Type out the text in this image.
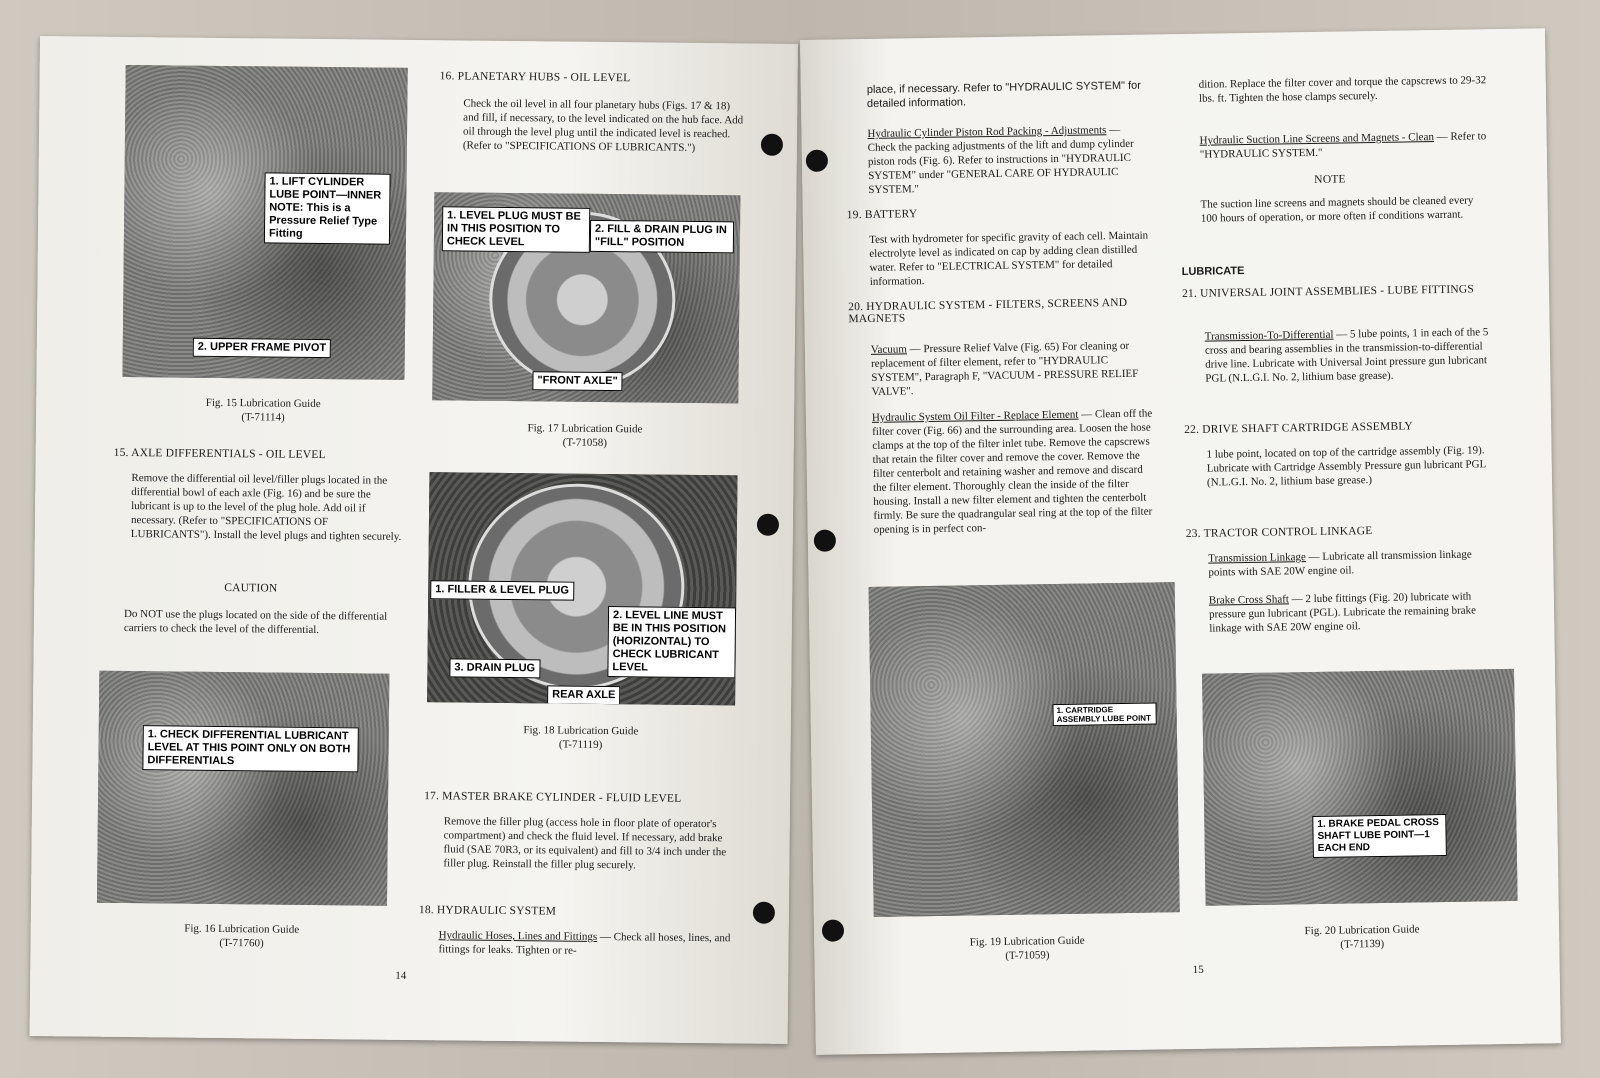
1. LIFT CYLINDER LUBE POINT—INNER NOTE: This is a Pressure Relief Type Fitting
2. UPPER FRAME PIVOT
Fig. 15 Lubrication Guide
(T-71114)
15. AXLE DIFFERENTIALS - OIL LEVEL
Remove the differential oil level/filler plugs located in the differential bowl of each axle (Fig. 16) and be sure the lubricant is up to the level of the plug hole. Add oil if necessary. (Refer to "SPECIFICATIONS OF LUBRICANTS"). Install the level plugs and tighten securely.
CAUTION
Do NOT use the plugs located on the side of the differential carriers to check the level of the differential.
1. CHECK DIFFERENTIAL LUBRICANT LEVEL AT THIS POINT ONLY ON BOTH DIFFERENTIALS
Fig. 16 Lubrication Guide
(T-71760)
16. PLANETARY HUBS - OIL LEVEL
Check the oil level in all four planetary hubs (Figs. 17 & 18) and fill, if necessary, to the level indicated on the hub face. Add oil through the level plug until the indicated level is reached. (Refer to "SPECIFICATIONS OF LUBRICANTS.")
1. LEVEL PLUG MUST BE IN THIS POSITION TO CHECK LEVEL
2. FILL & DRAIN PLUG IN "FILL" POSITION
"FRONT AXLE"
Fig. 17 Lubrication Guide
(T-71058)
1. FILLER & LEVEL PLUG
2. LEVEL LINE MUST BE IN THIS POSITION (HORIZONTAL) TO CHECK LUBRICANT LEVEL
3. DRAIN PLUG
REAR AXLE
Fig. 18 Lubrication Guide
(T-71119)
17. MASTER BRAKE CYLINDER - FLUID LEVEL
Remove the filler plug (access hole in floor plate of operator's compartment) and check the fluid level. If necessary, add brake fluid (SAE 70R3, or its equivalent) and fill to 3/4 inch under the filler plug. Reinstall the filler plug securely.
18. HYDRAULIC SYSTEM
Hydraulic Hoses, Lines and Fittings — Check all hoses, lines, and fittings for leaks. Tighten or re-
14
place, if necessary. Refer to "HYDRAULIC SYSTEM" for detailed information.
Hydraulic Cylinder Piston Rod Packing - Adjustments — Check the packing adjustments of the lift and dump cylinder piston rods (Fig. 6). Refer to instructions in "HYDRAULIC SYSTEM" under "GENERAL CARE OF HYDRAULIC SYSTEM."
19. BATTERY
Test with hydrometer for specific gravity of each cell. Maintain electrolyte level as indicated on cap by adding clean distilled water. Refer to "ELECTRICAL SYSTEM" for detailed information.
20. HYDRAULIC SYSTEM - FILTERS, SCREENS AND MAGNETS
Vacuum — Pressure Relief Valve (Fig. 65) For cleaning or replacement of filter element, refer to "HYDRAULIC SYSTEM", Paragraph F, "VACUUM - PRESSURE RELIEF VALVE".
Hydraulic System Oil Filter - Replace Element — Clean off the filter cover (Fig. 66) and the surrounding area. Loosen the hose clamps at the top of the filter inlet tube. Remove the capscrews that retain the filter cover and remove the cover. Remove the filter centerbolt and retaining washer and remove and discard the filter element. Thoroughly clean the inside of the filter housing. Install a new filter element and tighten the centerbolt firmly. Be sure the quadrangular seal ring at the top of the filter opening is in perfect con-
1. CARTRIDGE ASSEMBLY LUBE POINT
Fig. 19 Lubrication Guide
(T-71059)
dition. Replace the filter cover and torque the capscrews to 29-32 lbs. ft. Tighten the hose clamps securely.
Hydraulic Suction Line Screens and Magnets - Clean — Refer to "HYDRAULIC SYSTEM."
NOTE
The suction line screens and magnets should be cleaned every 100 hours of operation, or more often if conditions warrant.
LUBRICATE
21. UNIVERSAL JOINT ASSEMBLIES - LUBE FITTINGS
Transmission-To-Differential — 5 lube points, 1 in each of the 5 cross and bearing assemblies in the transmission-to-differential drive line. Lubricate with Universal Joint pressure gun lubricant PGL (N.L.G.I. No. 2, lithium base grease).
22. DRIVE SHAFT CARTRIDGE ASSEMBLY
1 lube point, located on top of the cartridge assembly (Fig. 19). Lubricate with Cartridge Assembly Pressure gun lubricant PGL (N.L.G.I. No. 2, lithium base grease.)
23. TRACTOR CONTROL LINKAGE
Transmission Linkage — Lubricate all transmission linkage points with SAE 20W engine oil.
Brake Cross Shaft — 2 lube fittings (Fig. 20) lubricate with pressure gun lubricant (PGL). Lubricate the remaining brake linkage with SAE 20W engine oil.
1. BRAKE PEDAL CROSS SHAFT LUBE POINT—1 EACH END
Fig. 20 Lubrication Guide
(T-71139)
15
